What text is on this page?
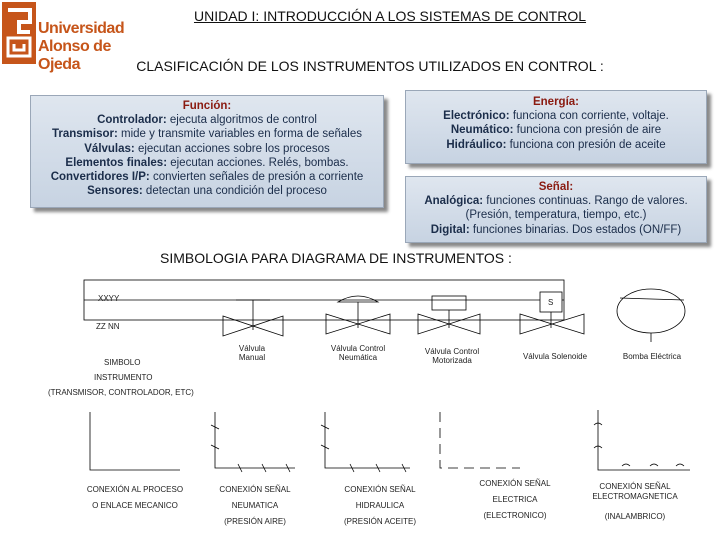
Universidad
Alonso de Ojeda
UNIDAD I: INTRODUCCIÓN A LOS SISTEMAS DE CONTROL
CLASIFICACIÓN DE LOS INSTRUMENTOS UTILIZADOS EN CONTROL :
Función:
Controlador: ejecuta algoritmos de control
Transmisor: mide y transmite variables en forma de señales
Válvulas: ejecutan acciones sobre los procesos
Elementos finales: ejecutan acciones. Relés, bombas.
Convertidores I/P: convierten señales de presión a corriente
Sensores: detectan una condición del proceso
Energía:
Electrónico: funciona con corriente, voltaje.
Neumático: funciona con presión de aire
Hidráulico: funciona con presión de aceite
Señal:
Analógica: funciones continuas. Rango de valores.
(Presión, temperatura, tiempo, etc.)
Digital: funciones binarias. Dos estados (ON/FF)
SIMBOLOGIA PARA DIAGRAMA DE INSTRUMENTOS :
XXYY
ZZ NN
S
SIMBOLO
INSTRUMENTO
(TRANSMISOR, CONTROLADOR, ETC)
Válvula
Manual
Válvula Control
Neumática
Válvula Control
Motorizada	Válvula Solenoide	Bomba Eléctrica
CONEXIÓN AL PROCESO
O ENLACE MECANICO
CONEXIÓN SEÑAL
NEUMATICA
(PRESIÓN AIRE)
CONEXIÓN SEÑAL
HIDRAULICA
(PRESIÓN ACEITE)
CONEXIÓN SEÑAL
ELECTRICA
(ELECTRONICO)
CONEXIÓN SEÑAL
ELECTROMAGNETICA
(INALAMBRICO)
